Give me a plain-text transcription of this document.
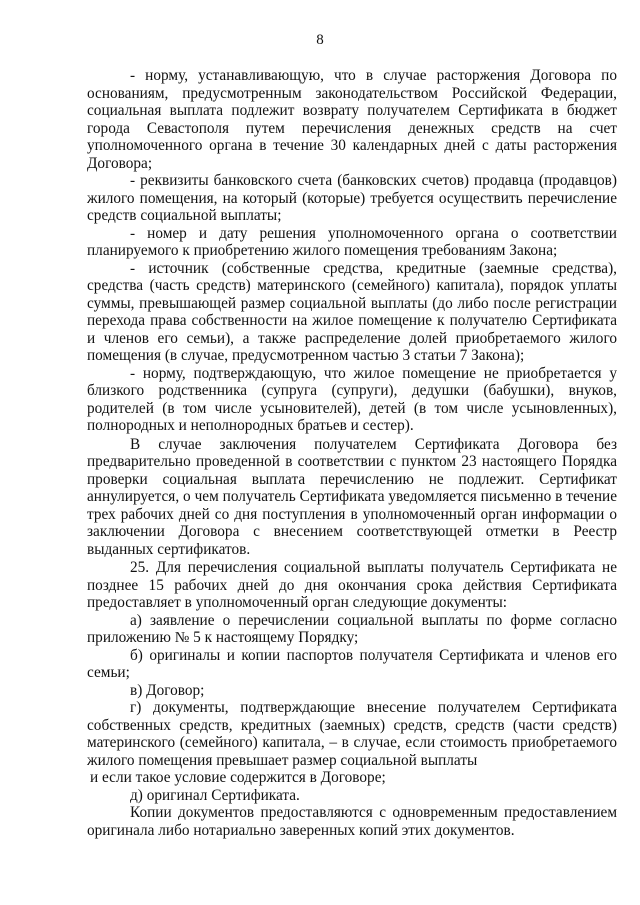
8

- норму, устанавливающую, что в случае расторжения Договора по основаниям, предусмотренным законодательством Российской Федерации, социальная выплата подлежит возврату получателем Сертификата в бюджет города Севастополя путем перечисления денежных средств на счет уполномоченного органа в течение 30 календарных дней с даты расторжения Договора;

- реквизиты банковского счета (банковских счетов) продавца (продавцов) жилого помещения, на который (которые) требуется осуществить перечисление средств социальной выплаты;

- номер и дату решения уполномоченного органа о соответствии планируемого к приобретению жилого помещения требованиям Закона;

- источник (собственные средства, кредитные (заемные средства), средства (часть средств) материнского (семейного) капитала), порядок уплаты суммы, превышающей размер социальной выплаты (до либо после регистрации перехода права собственности на жилое помещение к получателю Сертификата и членов его семьи), а также распределение долей приобретаемого жилого помещения (в случае, предусмотренном частью 3 статьи 7 Закона);

- норму, подтверждающую, что жилое помещение не приобретается у близкого родственника (супруга (супруги), дедушки (бабушки), внуков, родителей (в том числе усыновителей), детей (в том числе усыновленных), полнородных и неполнородных братьев и сестер).

В случае заключения получателем Сертификата Договора без предварительно проведенной в соответствии с пунктом 23 настоящего Порядка проверки социальная выплата перечислению не подлежит. Сертификат аннулируется, о чем получатель Сертификата уведомляется письменно в течение трех рабочих дней со дня поступления в уполномоченный орган информации о заключении Договора с внесением соответствующей отметки в Реестр выданных сертификатов.

25. Для перечисления социальной выплаты получатель Сертификата не позднее 15 рабочих дней до дня окончания срока действия Сертификата предоставляет в уполномоченный орган следующие документы:

а) заявление о перечислении социальной выплаты по форме согласно приложению № 5 к настоящему Порядку;

б) оригиналы и копии паспортов получателя Сертификата и членов его семьи;

в) Договор;

г) документы, подтверждающие внесение получателем Сертификата собственных средств, кредитных (заемных) средств, средств (части средств) материнского (семейного) капитала, – в случае, если стоимость приобретаемого жилого помещения превышает размер социальной выплаты

и если такое условие содержится в Договоре;

д) оригинал Сертификата.

Копии документов предоставляются с одновременным предоставлением оригинала либо нотариально заверенных копий этих документов.
